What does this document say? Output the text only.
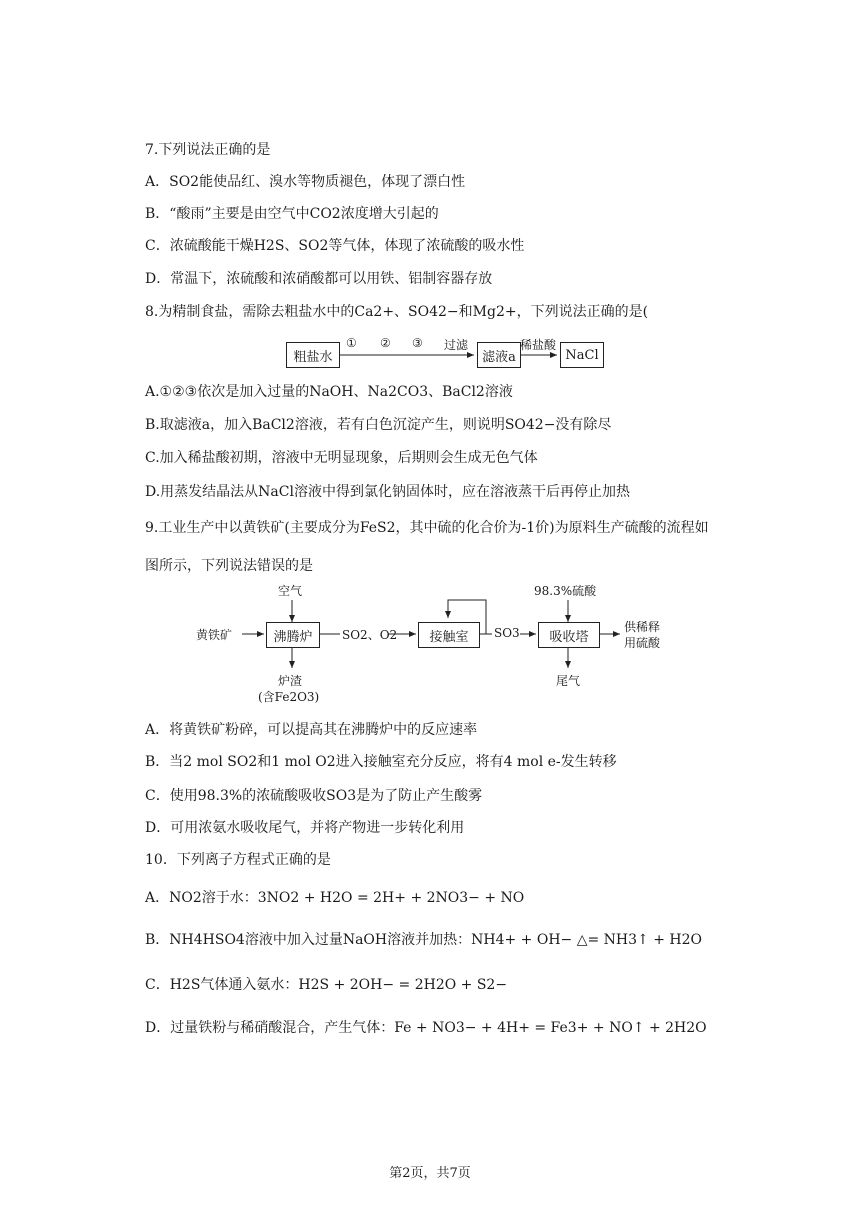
7.下列说法正确的是
A．SO2能使品红、溴水等物质褪色，体现了漂白性
B．“酸雨”主要是由空气中CO2浓度增大引起的
C．浓硫酸能干燥H2S、SO2等气体，体现了浓硫酸的吸水性
D．常温下，浓硫酸和浓硝酸都可以用铁、铝制容器存放
8.为精制食盐，需除去粗盐水中的Ca2+、SO42−和Mg2+，下列说法正确的是(
粗盐水
① ② ③ 过滤
滤液a
稀盐酸
NaCl
A.①②③依次是加入过量的NaOH、Na2CO3、BaCl2溶液
B.取滤液a，加入BaCl2溶液，若有白色沉淀产生，则说明SO42−没有除尽
C.加入稀盐酸初期，溶液中无明显现象，后期则会生成无色气体
D.用蒸发结晶法从NaCl溶液中得到氯化钠固体时，应在溶液蒸干后再停止加热
9.工业生产中以黄铁矿(主要成分为FeS2，其中硫的化合价为-1价)为原料生产硫酸的流程如
图所示，下列说法错误的是
空气
黄铁矿	沸腾炉	SO2、O2	接触室	SO3	吸收塔
98.3%硫酸
供稀释
用硫酸
炉渣
(含Fe2O3)
尾气
A．将黄铁矿粉碎，可以提高其在沸腾炉中的反应速率
B．当2 mol SO2和1 mol O2进入接触室充分反应，将有4 mol e-发生转移
C．使用98.3%的浓硫酸吸收SO3是为了防止产生酸雾
D．可用浓氨水吸收尾气，并将产物进一步转化利用
10．下列离子方程式正确的是
A．NO2溶于水：3NO2 + H2O = 2H+ + 2NO3− + NO
B．NH4HSO4溶液中加入过量NaOH溶液并加热：NH4+ + OH− △= NH3↑ + H2O
C．H2S气体通入氨水：H2S + 2OH− = 2H2O + S2−
D．过量铁粉与稀硝酸混合，产生气体：Fe + NO3− + 4H+ = Fe3+ + NO↑ + 2H2O
第2页，共7页
